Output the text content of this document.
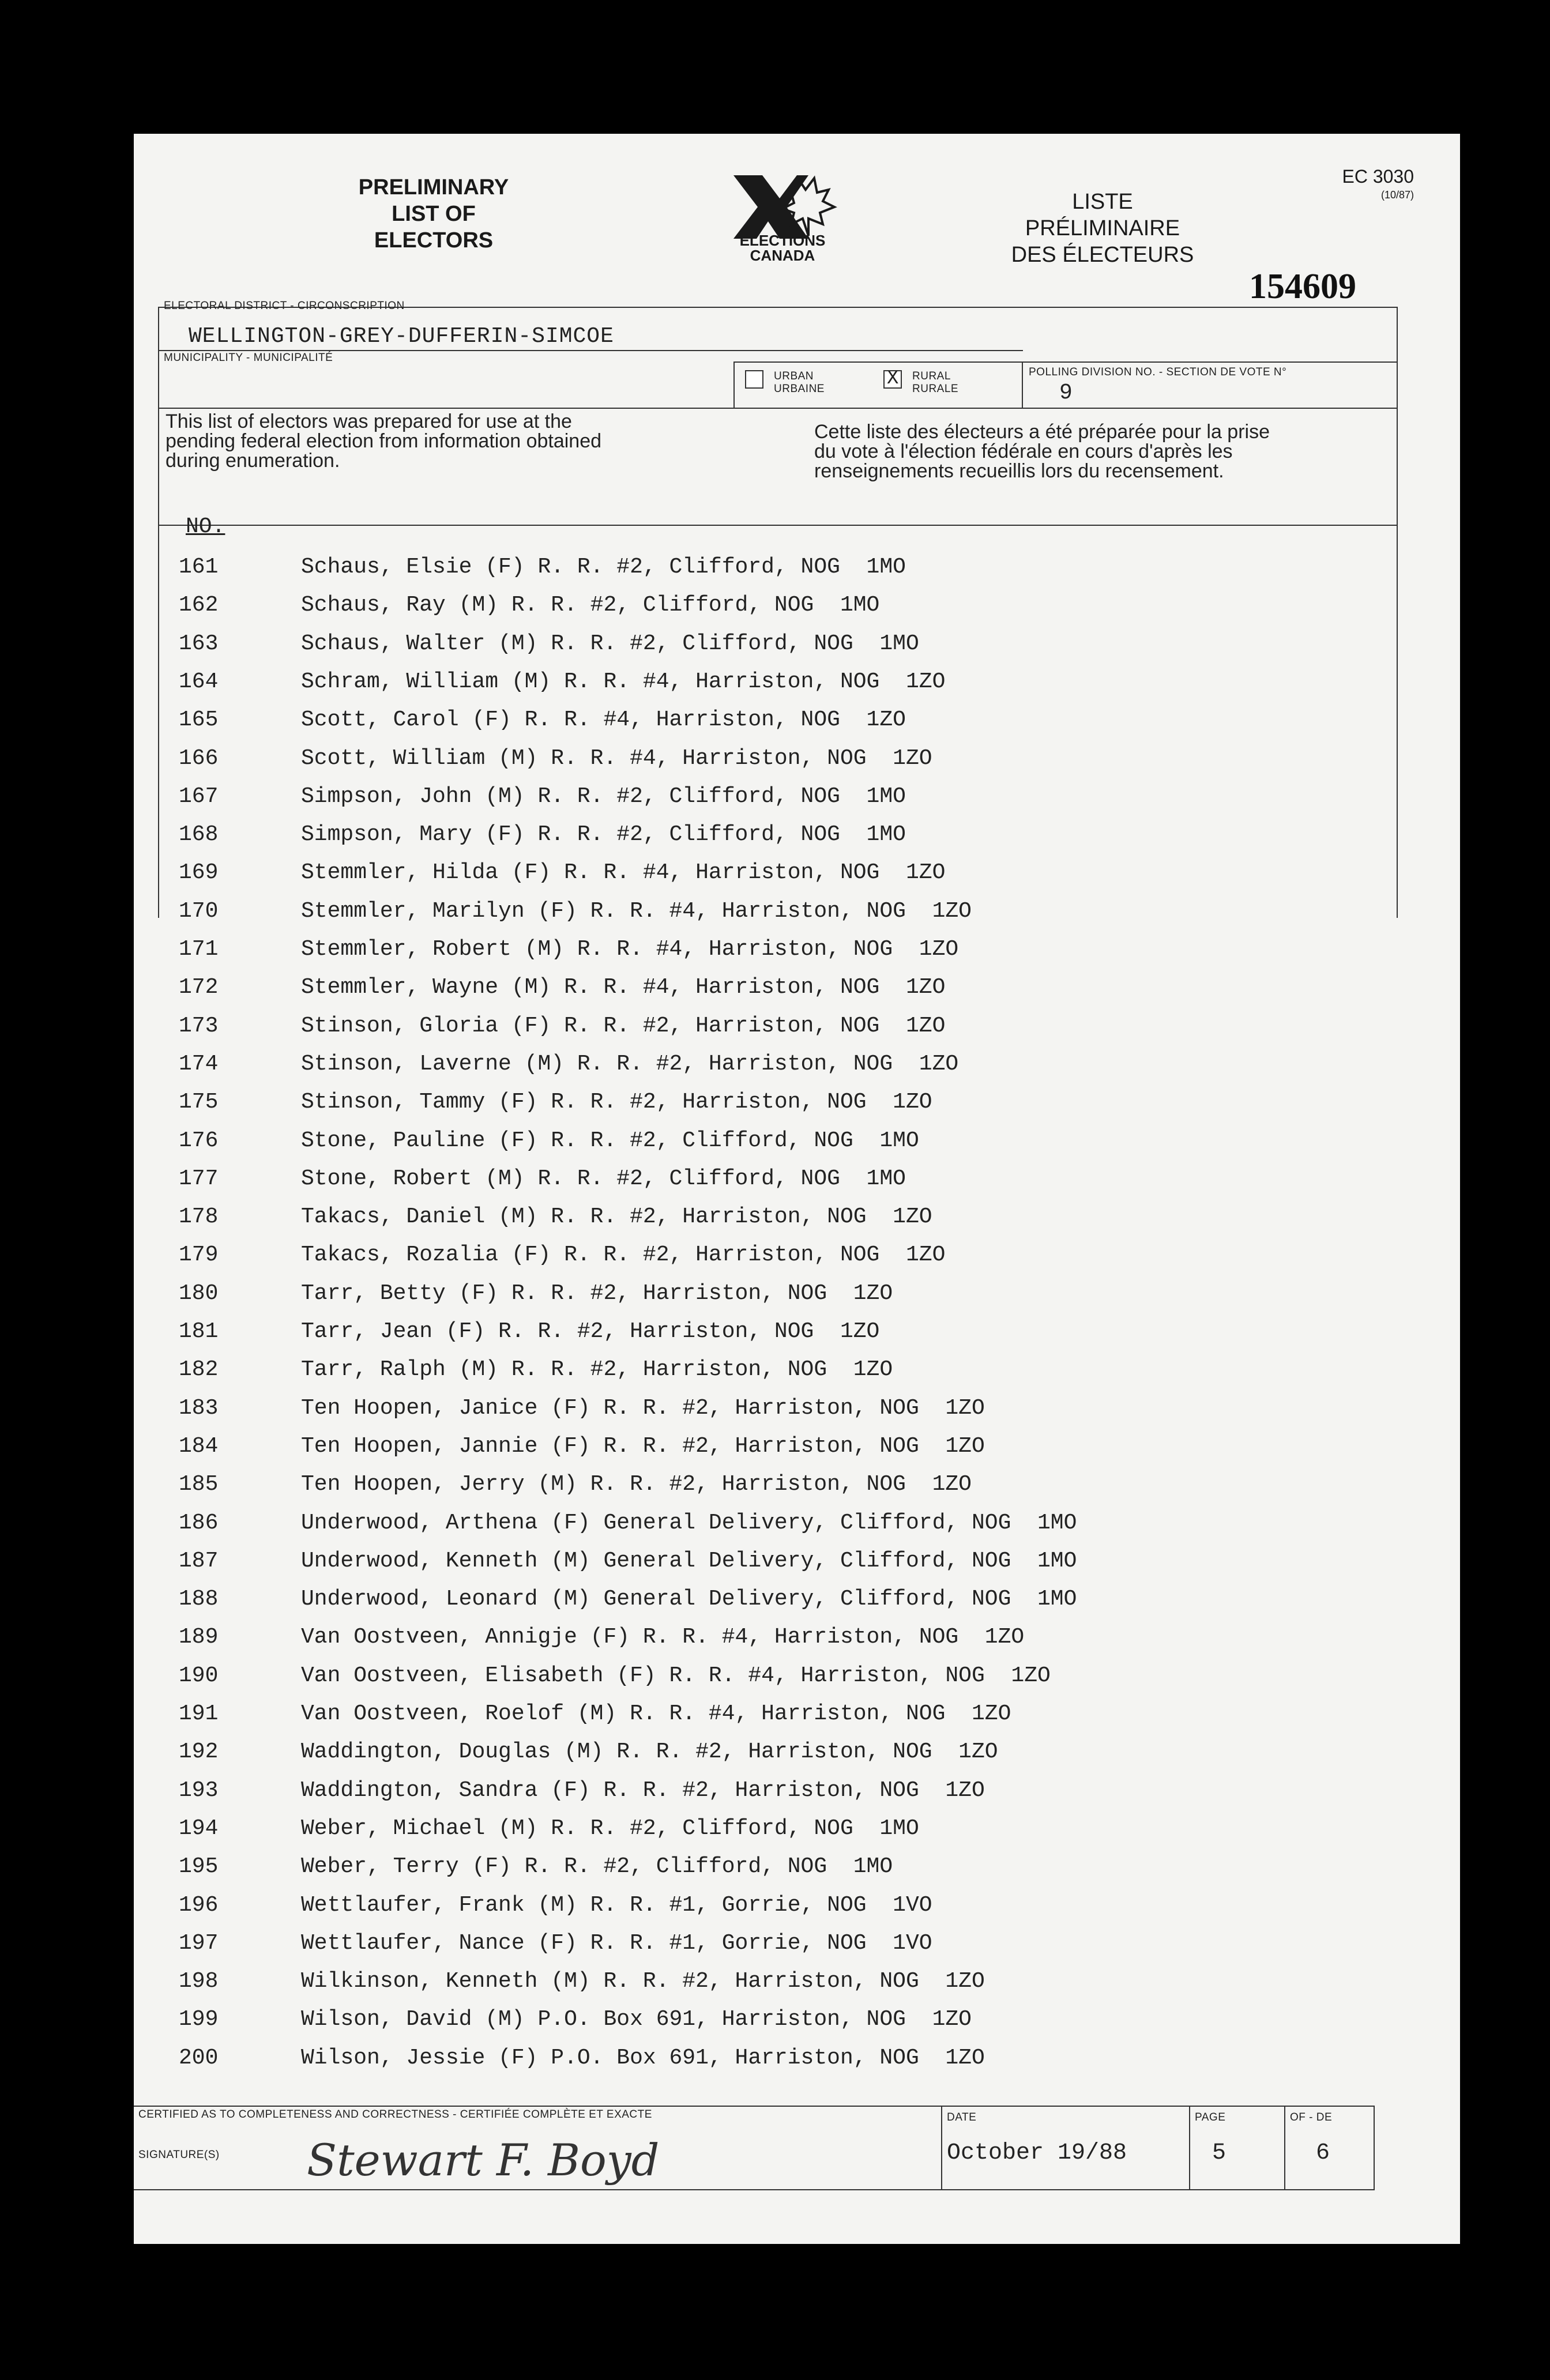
PRELIMINARY
LIST OF
ELECTORS	ELECTIONS
CANADA
LISTE
PRÉLIMINAIRE
DES ÉLECTEURS
EC 3030
(10/87)
154609
ELECTORAL DISTRICT - CIRCONSCRIPTION
WELLINGTON-GREY-DUFFERIN-SIMCOE
MUNICIPALITY - MUNICIPALITÉ
URBAN
URBAINE	X RURAL
RURALE
POLLING DIVISION NO. - SECTION DE VOTE N°
9
This list of electors was prepared for use at the
pending federal election from information obtained
during enumeration.
Cette liste des électeurs a été préparée pour la prise
du vote à l'élection fédérale en cours d'après les
renseignements recueillis lors du recensement.
NO.
161	Schaus, Elsie (F) R. R. #2, Clifford, NOG  1MO
162	Schaus, Ray (M) R. R. #2, Clifford, NOG  1MO
163	Schaus, Walter (M) R. R. #2, Clifford, NOG  1MO
164	Schram, William (M) R. R. #4, Harriston, NOG  1ZO
165	Scott, Carol (F) R. R. #4, Harriston, NOG  1ZO
166	Scott, William (M) R. R. #4, Harriston, NOG  1ZO
167	Simpson, John (M) R. R. #2, Clifford, NOG  1MO
168	Simpson, Mary (F) R. R. #2, Clifford, NOG  1MO
169	Stemmler, Hilda (F) R. R. #4, Harriston, NOG  1ZO
170	Stemmler, Marilyn (F) R. R. #4, Harriston, NOG  1ZO
171	Stemmler, Robert (M) R. R. #4, Harriston, NOG  1ZO
172	Stemmler, Wayne (M) R. R. #4, Harriston, NOG  1ZO
173	Stinson, Gloria (F) R. R. #2, Harriston, NOG  1ZO
174	Stinson, Laverne (M) R. R. #2, Harriston, NOG  1ZO
175	Stinson, Tammy (F) R. R. #2, Harriston, NOG  1ZO
176	Stone, Pauline (F) R. R. #2, Clifford, NOG  1MO
177	Stone, Robert (M) R. R. #2, Clifford, NOG  1MO
178	Takacs, Daniel (M) R. R. #2, Harriston, NOG  1ZO
179	Takacs, Rozalia (F) R. R. #2, Harriston, NOG  1ZO
180	Tarr, Betty (F) R. R. #2, Harriston, NOG  1ZO
181	Tarr, Jean (F) R. R. #2, Harriston, NOG  1ZO
182	Tarr, Ralph (M) R. R. #2, Harriston, NOG  1ZO
183	Ten Hoopen, Janice (F) R. R. #2, Harriston, NOG  1ZO
184	Ten Hoopen, Jannie (F) R. R. #2, Harriston, NOG  1ZO
185	Ten Hoopen, Jerry (M) R. R. #2, Harriston, NOG  1ZO
186	Underwood, Arthena (F) General Delivery, Clifford, NOG  1MO
187	Underwood, Kenneth (M) General Delivery, Clifford, NOG  1MO
188	Underwood, Leonard (M) General Delivery, Clifford, NOG  1MO
189	Van Oostveen, Annigje (F) R. R. #4, Harriston, NOG  1ZO
190	Van Oostveen, Elisabeth (F) R. R. #4, Harriston, NOG  1ZO
191	Van Oostveen, Roelof (M) R. R. #4, Harriston, NOG  1ZO
192	Waddington, Douglas (M) R. R. #2, Harriston, NOG  1ZO
193	Waddington, Sandra (F) R. R. #2, Harriston, NOG  1ZO
194	Weber, Michael (M) R. R. #2, Clifford, NOG  1MO
195	Weber, Terry (F) R. R. #2, Clifford, NOG  1MO
196	Wettlaufer, Frank (M) R. R. #1, Gorrie, NOG  1VO
197	Wettlaufer, Nance (F) R. R. #1, Gorrie, NOG  1VO
198	Wilkinson, Kenneth (M) R. R. #2, Harriston, NOG  1ZO
199	Wilson, David (M) P.O. Box 691, Harriston, NOG  1ZO
200	Wilson, Jessie (F) P.O. Box 691, Harriston, NOG  1ZO
CERTIFIED AS TO COMPLETENESS AND CORRECTNESS - CERTIFIÉE COMPLÈTE ET EXACTE
SIGNATURE(S) Stewart F. Boyd
DATE
October 19/88
PAGE
5
OF - DE
6
